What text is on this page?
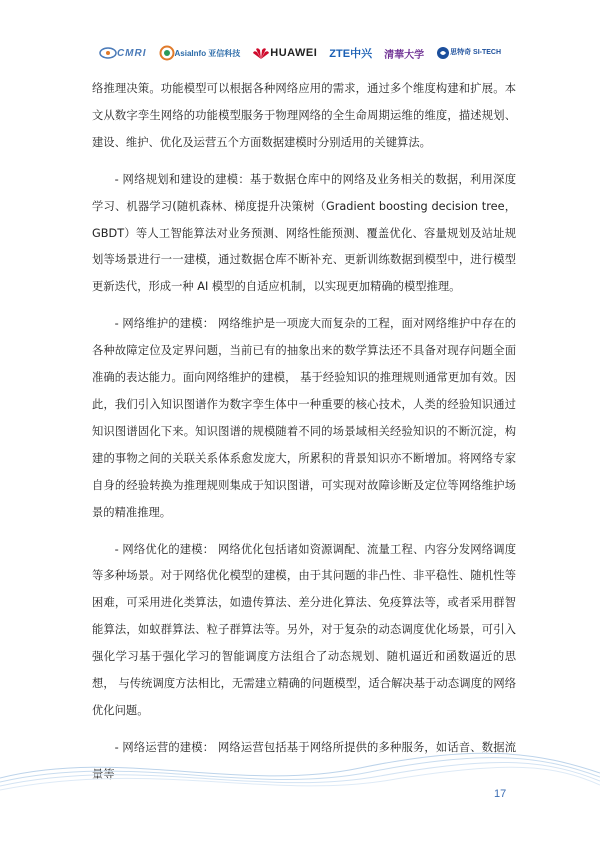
CMRI	AsiaInfo 亚信科技	HUAWEI ZTE中兴 清華大学	思特奇 SI-TECH

络推理决策。功能模型可以根据各种网络应用的需求，通过多个维度构建和扩展。本文从数字孪生网络的功能模型服务于物理网络的全生命周期运维的维度，描述规划、建设、维护、优化及运营五个方面数据建模时分别适用的关键算法。

- 网络规划和建设的建模：基于数据仓库中的网络及业务相关的数据，利用深度学习、机器学习(随机森林、梯度提升决策树（Gradient boosting decision tree，GBDT）等人工智能算法对业务预测、网络性能预测、覆盖优化、容量规划及站址规划等场景进行一一建模，通过数据仓库不断补充、更新训练数据到模型中，进行模型更新迭代，形成一种 AI 模型的自适应机制，以实现更加精确的模型推理。

- 网络维护的建模： 网络维护是一项庞大而复杂的工程，面对网络维护中存在的各种故障定位及定界问题，当前已有的抽象出来的数学算法还不具备对现存问题全面准确的表达能力。面向网络维护的建模， 基于经验知识的推理规则通常更加有效。因此，我们引入知识图谱作为数字孪生体中一种重要的核心技术，人类的经验知识通过知识图谱固化下来。知识图谱的规模随着不同的场景域相关经验知识的不断沉淀，构建的事物之间的关联关系体系愈发庞大，所累积的背景知识亦不断增加。将网络专家自身的经验转换为推理规则集成于知识图谱，可实现对故障诊断及定位等网络维护场景的精准推理。

- 网络优化的建模： 网络优化包括诸如资源调配、流量工程、内容分发网络调度等多种场景。对于网络优化模型的建模，由于其问题的非凸性、非平稳性、随机性等困难，可采用进化类算法，如遗传算法、差分进化算法、免疫算法等，或者采用群智能算法，如蚁群算法、粒子群算法等。另外，对于复杂的动态调度优化场景，可引入强化学习基于强化学习的智能调度方法组合了动态规划、随机逼近和函数逼近的思想， 与传统调度方法相比，无需建立精确的问题模型，适合解决基于动态调度的网络优化问题。

- 网络运营的建模： 网络运营包括基于网络所提供的多种服务，如话音、数据流量等

17
